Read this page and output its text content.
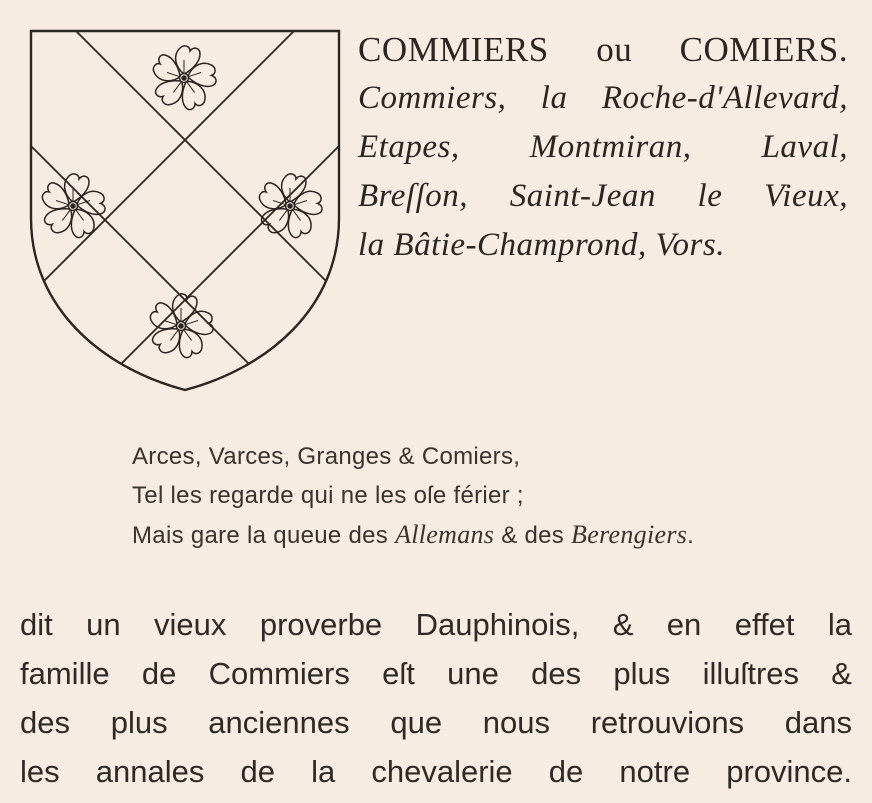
COMMIERS ou COMIERS.

Commiers, la Roche-d'Allevard,
Etapes, Montmiran, Laval,
Breſſon, Saint-Jean le Vieux,
la Bâtie-Champrond, Vors.

Arces, Varces, Granges & Comiers,
Tel les regarde qui ne les oſe férier ;
Mais gare la queue des Allemans & des Berengiers.
dit un vieux proverbe Dauphinois, & en effet la
famille de Commiers eſt une des plus illuſtres &
des plus anciennes que nous retrouvions dans
les annales de la chevalerie de notre province.
